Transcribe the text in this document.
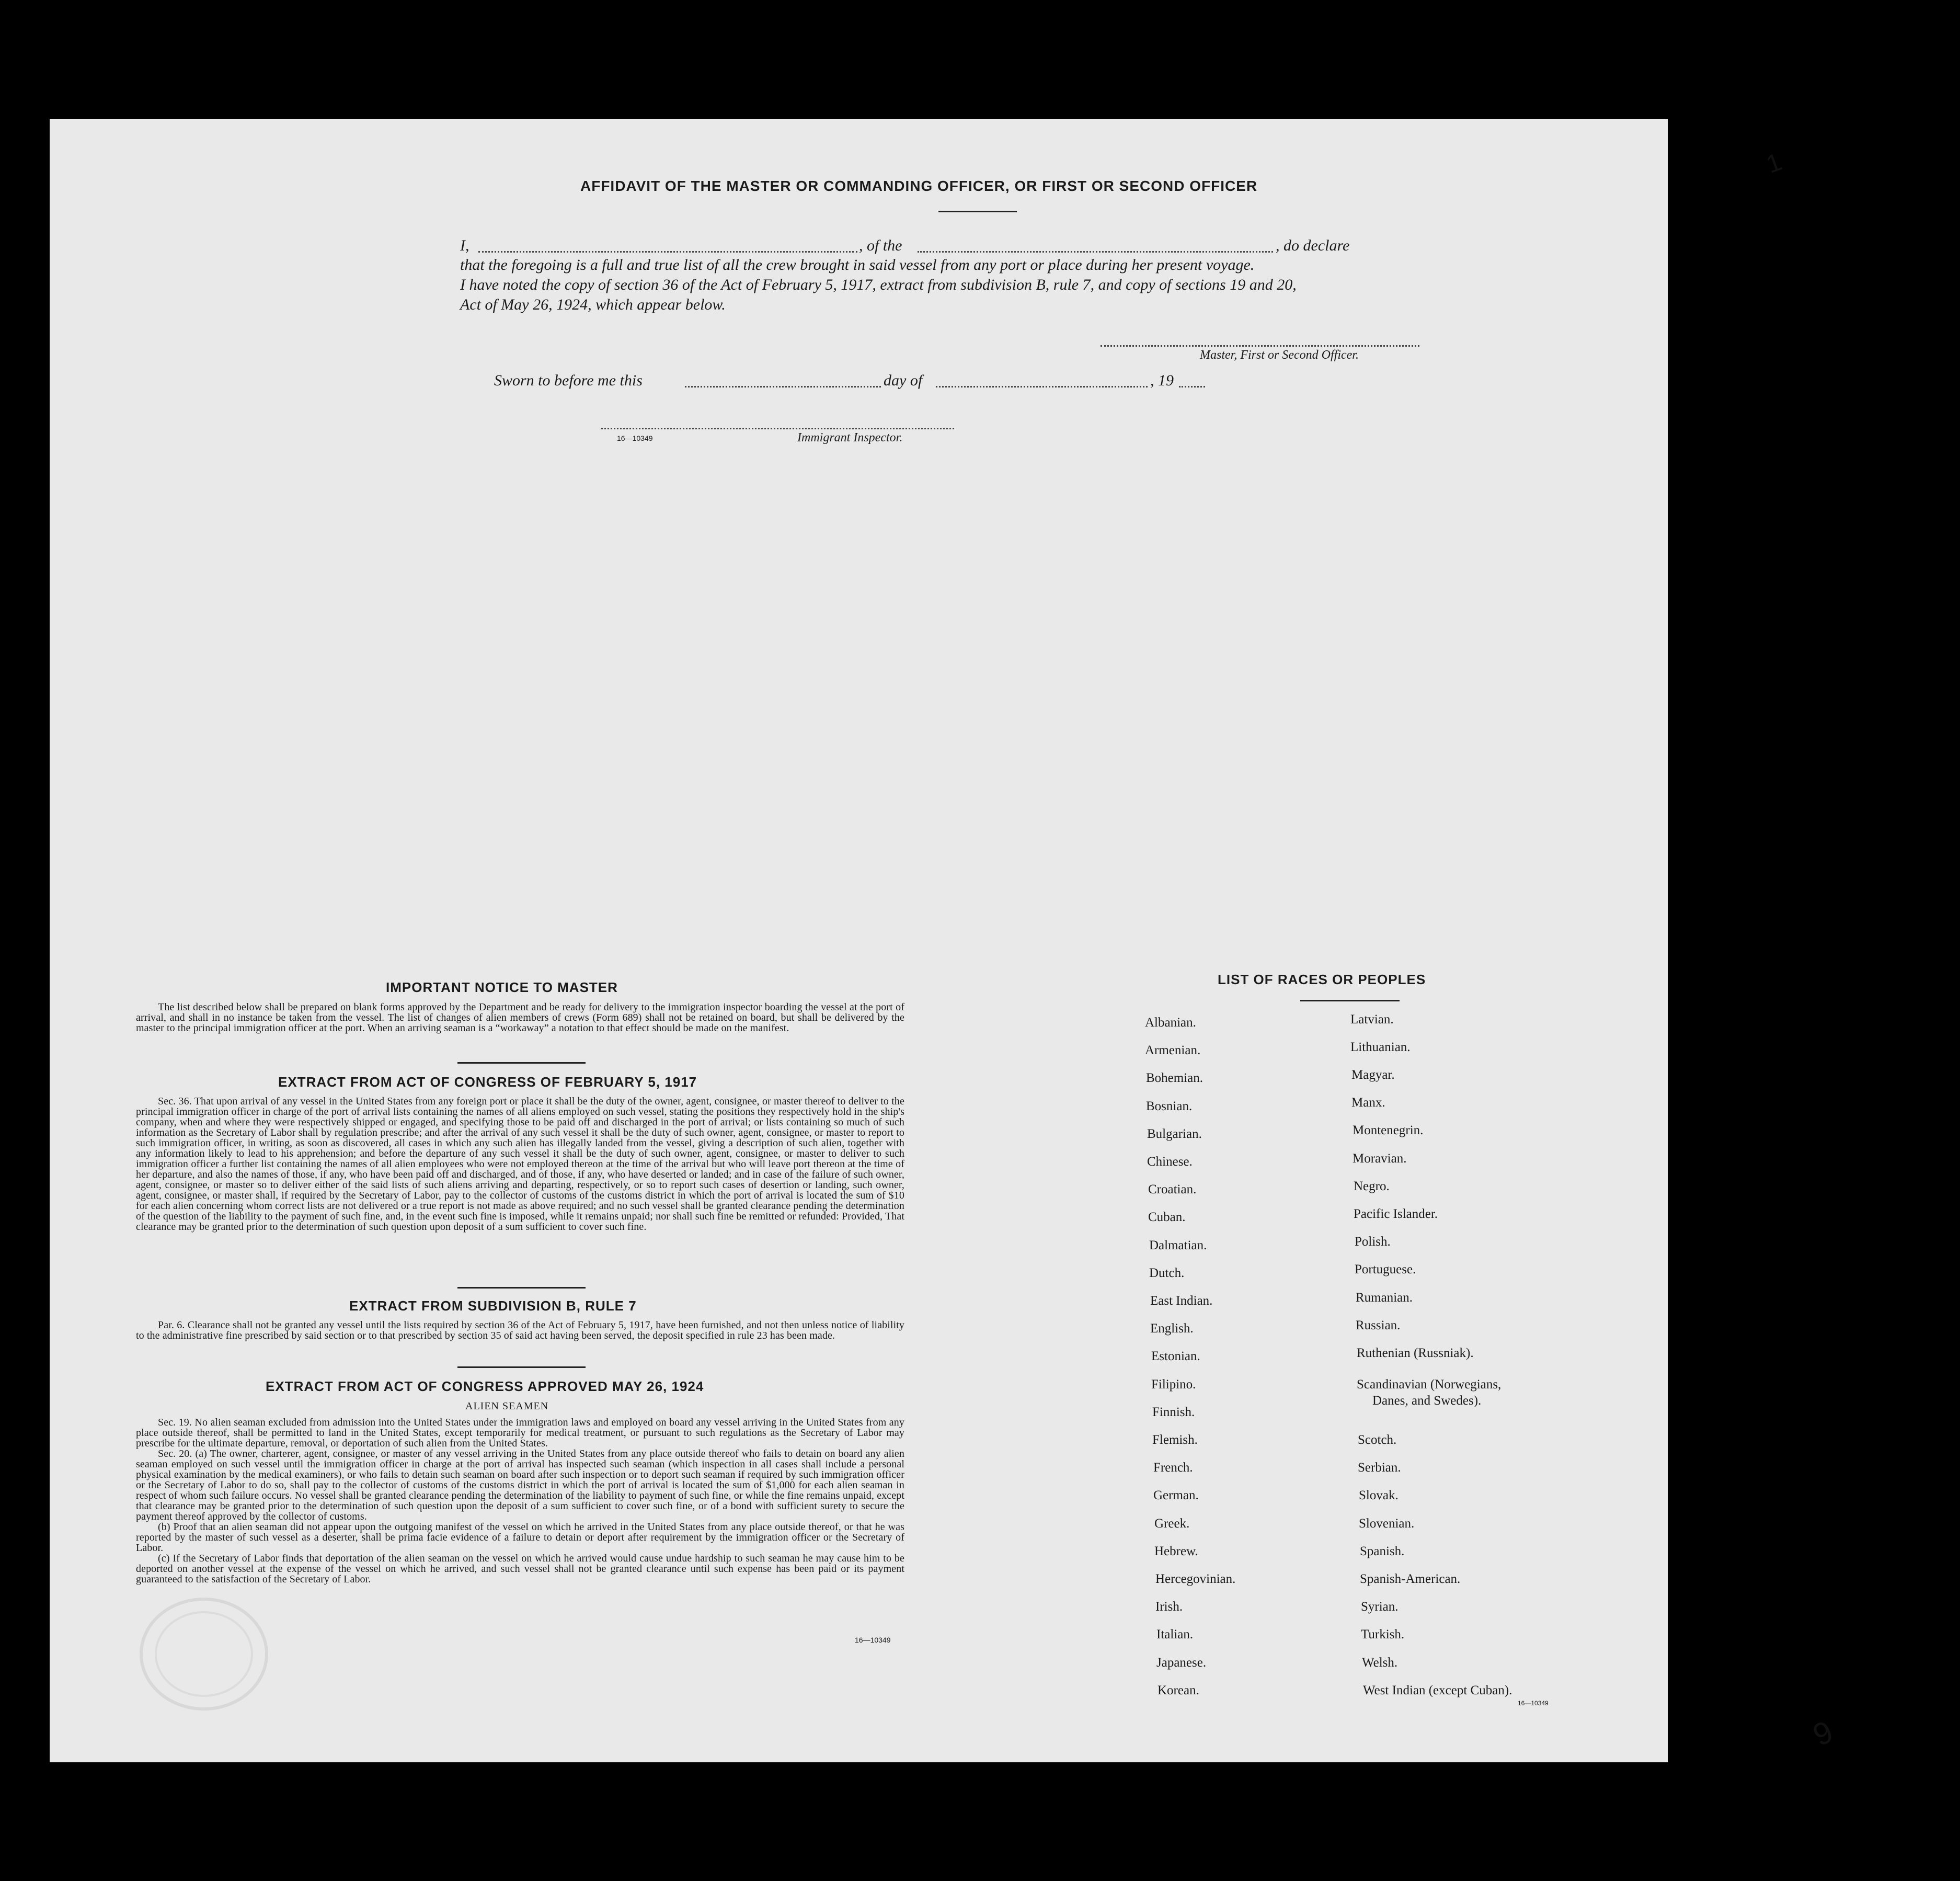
AFFIDAVIT OF THE MASTER OR COMMANDING OFFICER, OR FIRST OR SECOND OFFICER
I,	, of the	, do declare
that the foregoing is a full and true list of all the crew brought in said vessel from any port or place during her present voyage.
I have noted the copy of section 36 of the Act of February 5, 1917, extract from subdivision B, rule 7, and copy of sections 19 and 20,
Act of May 26, 1924, which appear below.
Master, First or Second Officer.
Sworn to before me this	day of	, 19
16—10349	Immigrant Inspector.
IMPORTANT NOTICE TO MASTER

The list described below shall be prepared on blank forms approved by the Department and be ready for delivery to the immigration inspector boarding the vessel at the port of arrival, and shall in no instance be taken from the vessel. The list of changes of alien members of crews (Form 689) shall not be retained on board, but shall be delivered by the master to the principal immigration officer at the port. When an arriving seaman is a “workaway” a notation to that effect should be made on the manifest.

EXTRACT FROM ACT OF CONGRESS OF FEBRUARY 5, 1917

Sec. 36. That upon arrival of any vessel in the United States from any foreign port or place it shall be the duty of the owner, agent, consignee, or master thereof to deliver to the principal immigration officer in charge of the port of arrival lists containing the names of all aliens employed on such vessel, stating the positions they respectively hold in the ship's company, when and where they were respectively shipped or engaged, and specifying those to be paid off and discharged in the port of arrival; or lists containing so much of such information as the Secretary of Labor shall by regulation prescribe; and after the arrival of any such vessel it shall be the duty of such owner, agent, consignee, or master to report to such immigration officer, in writing, as soon as discovered, all cases in which any such alien has illegally landed from the vessel, giving a description of such alien, together with any information likely to lead to his apprehension; and before the departure of any such vessel it shall be the duty of such owner, agent, consignee, or master to deliver to such immigration officer a further list containing the names of all alien employees who were not employed thereon at the time of the arrival but who will leave port thereon at the time of her departure, and also the names of those, if any, who have been paid off and discharged, and of those, if any, who have deserted or landed; and in case of the failure of such owner, agent, consignee, or master so to deliver either of the said lists of such aliens arriving and departing, respectively, or so to report such cases of desertion or landing, such owner, agent, consignee, or master shall, if required by the Secretary of Labor, pay to the collector of customs of the customs district in which the port of arrival is located the sum of $10 for each alien concerning whom correct lists are not delivered or a true report is not made as above required; and no such vessel shall be granted clearance pending the determination of the question of the liability to the payment of such fine, and, in the event such fine is imposed, while it remains unpaid; nor shall such fine be remitted or refunded: Provided, That clearance may be granted prior to the determination of such question upon deposit of a sum sufficient to cover such fine.

EXTRACT FROM SUBDIVISION B, RULE 7

Par. 6. Clearance shall not be granted any vessel until the lists required by section 36 of the Act of February 5, 1917, have been furnished, and not then unless notice of liability to the administrative fine prescribed by said section or to that prescribed by section 35 of said act having been served, the deposit specified in rule 23 has been made.

EXTRACT FROM ACT OF CONGRESS APPROVED MAY 26, 1924
ALIEN SEAMEN

Sec. 19. No alien seaman excluded from admission into the United States under the immigration laws and employed on board any vessel arriving in the United States from any place outside thereof, shall be permitted to land in the United States, except temporarily for medical treatment, or pursuant to such regulations as the Secretary of Labor may prescribe for the ultimate departure, removal, or deportation of such alien from the United States.

Sec. 20. (a) The owner, charterer, agent, consignee, or master of any vessel arriving in the United States from any place outside thereof who fails to detain on board any alien seaman employed on such vessel until the immigration officer in charge at the port of arrival has inspected such seaman (which inspection in all cases shall include a personal physical examination by the medical examiners), or who fails to detain such seaman on board after such inspection or to deport such seaman if required by such immigration officer or the Secretary of Labor to do so, shall pay to the collector of customs of the customs district in which the port of arrival is located the sum of $1,000 for each alien seaman in respect of whom such failure occurs. No vessel shall be granted clearance pending the determination of the liability to payment of such fine, or while the fine remains unpaid, except that clearance may be granted prior to the determination of such question upon the deposit of a sum sufficient to cover such fine, or of a bond with sufficient surety to secure the payment thereof approved by the collector of customs.

(b) Proof that an alien seaman did not appear upon the outgoing manifest of the vessel on which he arrived in the United States from any place outside thereof, or that he was reported by the master of such vessel as a deserter, shall be prima facie evidence of a failure to detain or deport after requirement by the immigration officer or the Secretary of Labor.

(c) If the Secretary of Labor finds that deportation of the alien seaman on the vessel on which he arrived would cause undue hardship to such seaman he may cause him to be deported on another vessel at the expense of the vessel on which he arrived, and such vessel shall not be granted clearance until such expense has been paid or its payment guaranteed to the satisfaction of the Secretary of Labor.

16—10349
LIST OF RACES OR PEOPLES
Albanian.
Armenian.
Bohemian.
Bosnian.
Bulgarian.
Chinese.
Croatian.
Cuban.
Dalmatian.
Dutch.
East Indian.
English.
Estonian.
Filipino.
Finnish.
Flemish.
French.
German.
Greek.
Hebrew.
Hercegovinian.
Irish.
Italian.
Japanese.
Korean.
Latvian.
Lithuanian.
Magyar.
Manx.
Montenegrin.
Moravian.
Negro.
Pacific Islander.
Polish.
Portuguese.
Rumanian.
Russian.
Ruthenian (Russniak).
Scandinavian (Norwegians,
Danes, and Swedes).
Scotch.
Serbian.
Slovak.
Slovenian.
Spanish.
Spanish-American.
Syrian.
Turkish.
Welsh.
West Indian (except Cuban).
16—10349
1
9
